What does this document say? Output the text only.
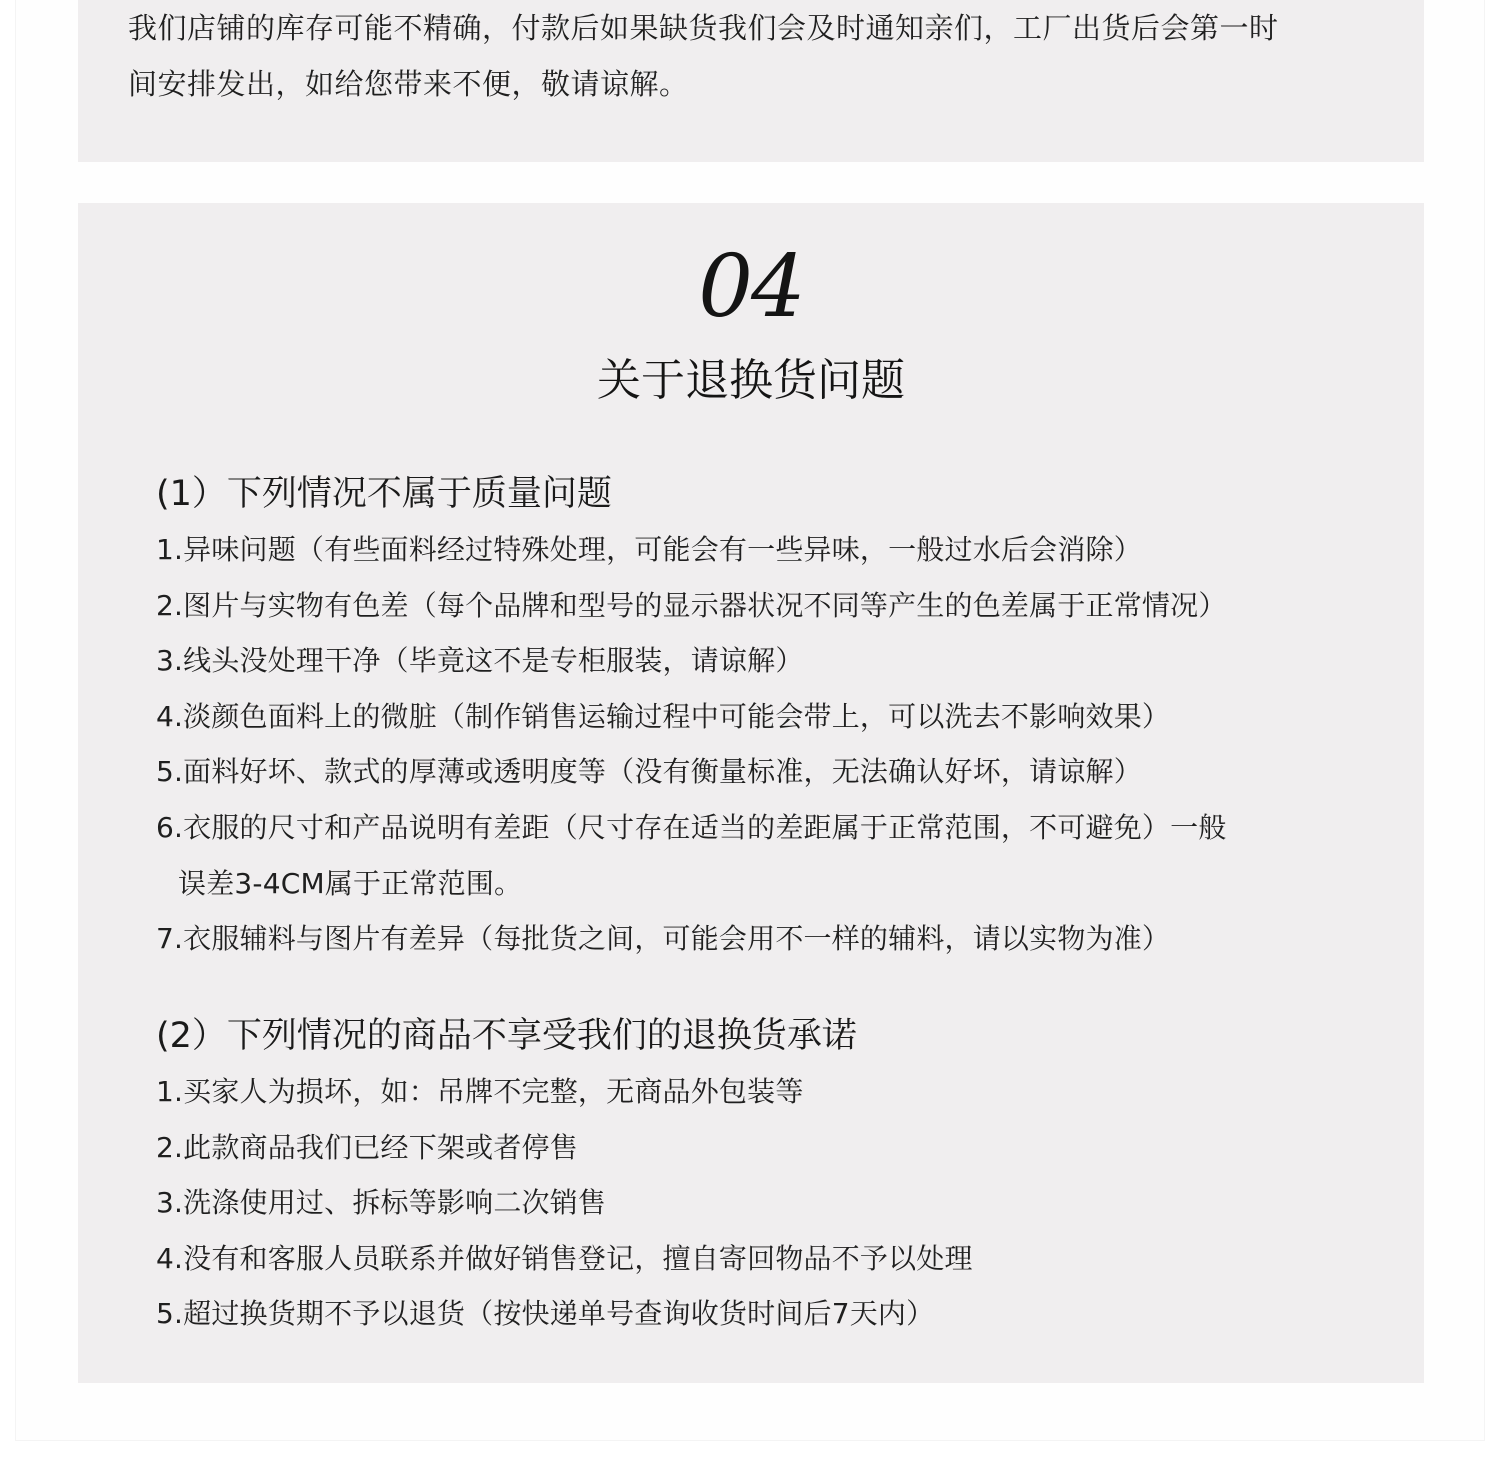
我们店铺的库存可能不精确，付款后如果缺货我们会及时通知亲们，工厂出货后会第一时
间安排发出，如给您带来不便，敬请谅解。

04
关于退换货问题
(1）下列情况不属于质量问题
1.异味问题（有些面料经过特殊处理，可能会有一些异味，一般过水后会消除）
2.图片与实物有色差（每个品牌和型号的显示器状况不同等产生的色差属于正常情况）
3.线头没处理干净（毕竟这不是专柜服装，请谅解）
4.淡颜色面料上的微脏（制作销售运输过程中可能会带上，可以洗去不影响效果）
5.面料好坏、款式的厚薄或透明度等（没有衡量标准，无法确认好坏，请谅解）
6.衣服的尺寸和产品说明有差距（尺寸存在适当的差距属于正常范围，不可避免）一般
误差3-4CM属于正常范围。
7.衣服辅料与图片有差异（每批货之间，可能会用不一样的辅料，请以实物为准）
(2）下列情况的商品不享受我们的退换货承诺
1.买家人为损坏，如：吊牌不完整，无商品外包装等
2.此款商品我们已经下架或者停售
3.洗涤使用过、拆标等影响二次销售
4.没有和客服人员联系并做好销售登记，擅自寄回物品不予以处理
5.超过换货期不予以退货（按快递单号查询收货时间后7天内）
